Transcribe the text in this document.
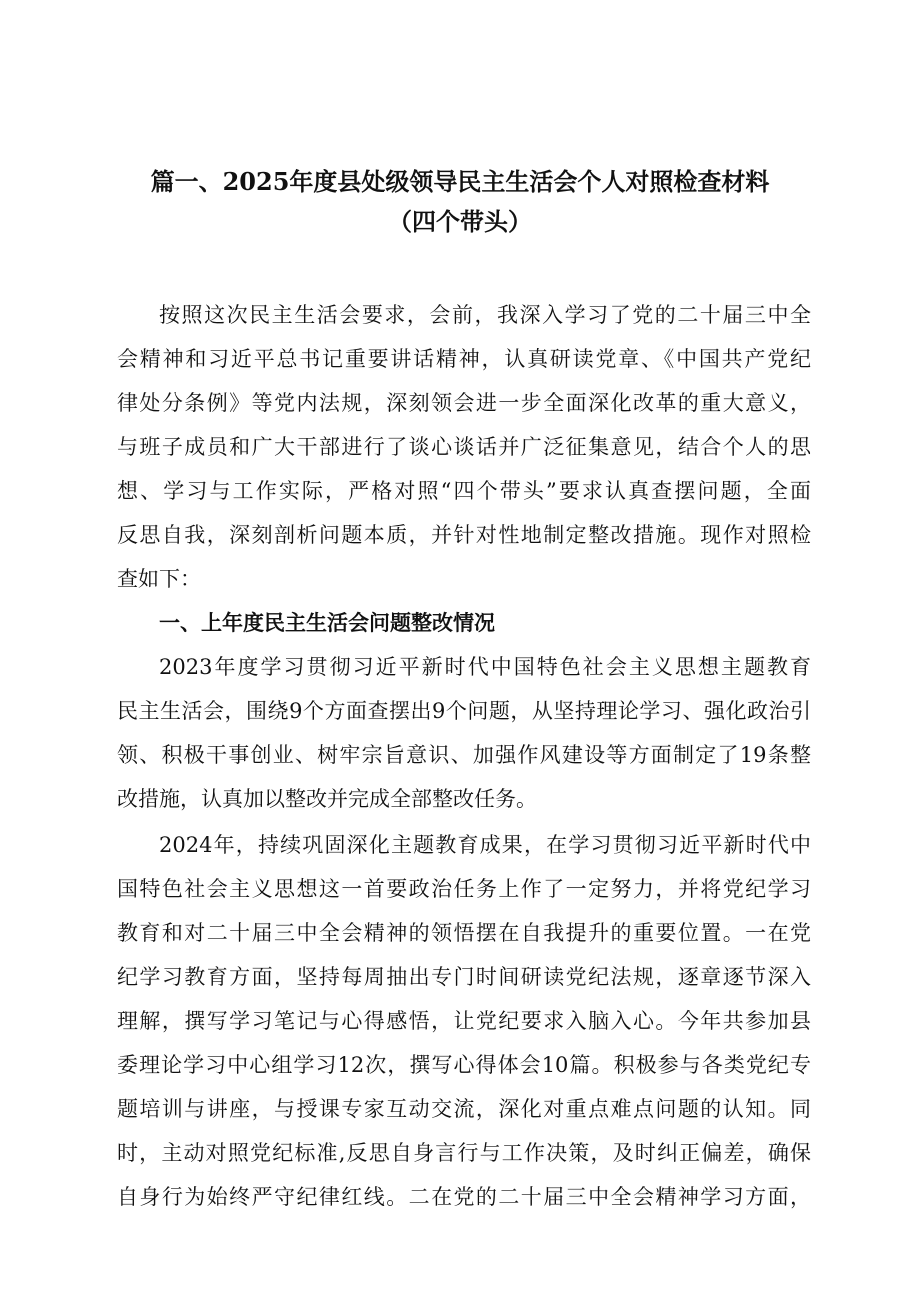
篇一、2025年度县处级领导民主生活会个人对照检查材料
（四个带头）
按照这次民主生活会要求，会前，我深入学习了党的二十届三中全
会精神和习近平总书记重要讲话精神，认真研读党章、《中国共产党纪
律处分条例》等党内法规，深刻领会进一步全面深化改革的重大意义，
与班子成员和广大干部进行了谈心谈话并广泛征集意见，结合个人的思
想、学习与工作实际，严格对照“四个带头”要求认真查摆问题，全面
反思自我，深刻剖析问题本质，并针对性地制定整改措施。现作对照检
查如下：
一、上年度民主生活会问题整改情况
2023年度学习贯彻习近平新时代中国特色社会主义思想主题教育
民主生活会，围绕9个方面查摆出9个问题，从坚持理论学习、强化政治引
领、积极干事创业、树牢宗旨意识、加强作风建设等方面制定了19条整
改措施，认真加以整改并完成全部整改任务。
2024年，持续巩固深化主题教育成果，在学习贯彻习近平新时代中
国特色社会主义思想这一首要政治任务上作了一定努力，并将党纪学习
教育和对二十届三中全会精神的领悟摆在自我提升的重要位置。一在党
纪学习教育方面，坚持每周抽出专门时间研读党纪法规，逐章逐节深入
理解，撰写学习笔记与心得感悟，让党纪要求入脑入心。今年共参加县
委理论学习中心组学习12次，撰写心得体会10篇。积极参与各类党纪专
题培训与讲座，与授课专家互动交流，深化对重点难点问题的认知。同
时，主动对照党纪标准,反思自身言行与工作决策，及时纠正偏差，确保
自身行为始终严守纪律红线。二在党的二十届三中全会精神学习方面，
